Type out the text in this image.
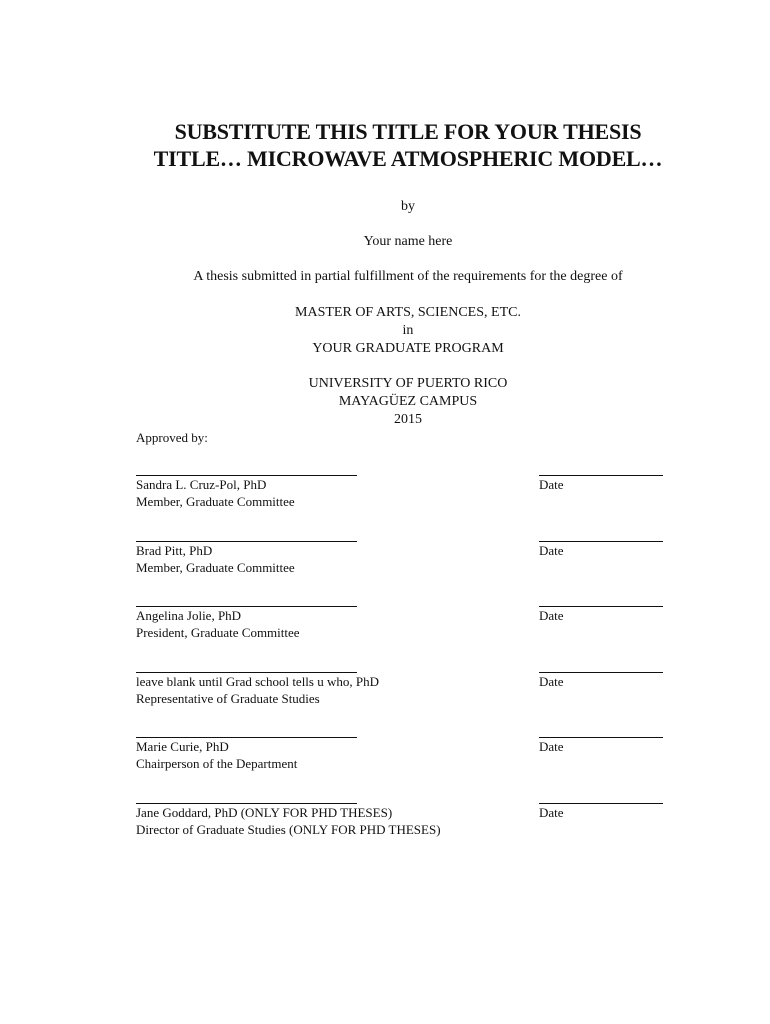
SUBSTITUTE THIS TITLE FOR YOUR THESIS
TITLE… MICROWAVE ATMOSPHERIC MODEL…
by
Your name here
A thesis submitted in partial fulfillment of the requirements for the degree of
MASTER OF ARTS, SCIENCES, ETC.
in
YOUR GRADUATE PROGRAM
UNIVERSITY OF PUERTO RICO
MAYAGÜEZ CAMPUS
2015
Approved by:
Sandra L. Cruz-Pol, PhD
Member, Graduate Committee
Date
Brad Pitt, PhD
Member, Graduate Committee
Date
Angelina Jolie, PhD
President, Graduate Committee
Date
leave blank until Grad school tells u who, PhD
Representative of Graduate Studies
Date
Marie Curie, PhD
Chairperson of the Department
Date
Jane Goddard, PhD (ONLY FOR PHD THESES)
Director of Graduate Studies (ONLY FOR PHD THESES)
Date
